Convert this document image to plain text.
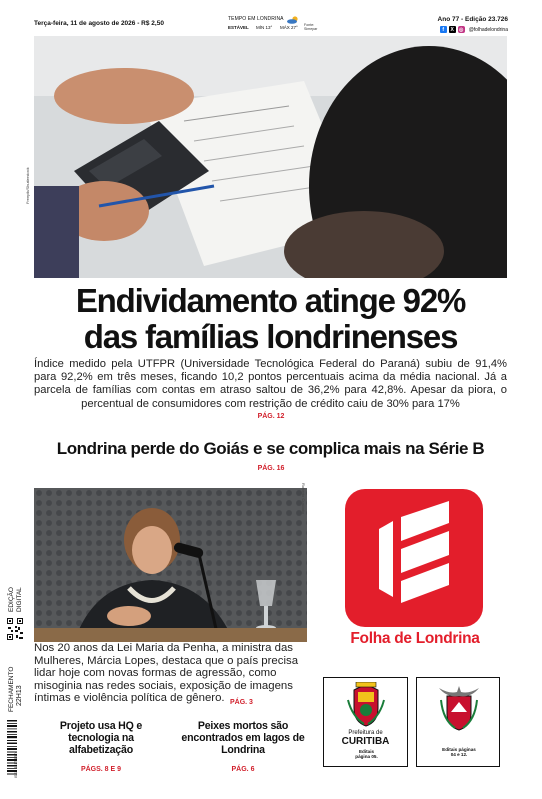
Terça-feira, 11 de agosto de 2026 - R$ 2,50
TEMPO EM LONDRINA
ESTÁVEL MÍN 13° MÁX 27° Fonte: Simepar
Ano 77 - Edição 23.726
f	X	◎ @folhadelondrina
Freepik/Shutterstock
Endividamento atinge 92%
das famílias londrinenses
Índice medido pela UTFPR (Universidade Tecnológica Federal do Paraná) subiu de 91,4% para 92,2% em três meses, ficando 10,2 pontos percentuais acima da média nacional. Já a parcela de famílias com contas em atraso saltou de 36,2% para 42,8%. Apesar da piora, o percentual de consumidores com restrição de crédito caiu de 30% para 17%
PÁG. 12
Londrina perde do Goiás e se complica mais na Série B
PÁG. 16
Roberto Custódio
Nos 20 anos da Lei Maria da Penha, a ministra das Mulheres, Márcia Lopes, destaca que o país precisa lidar hoje com novas formas de agressão, como misoginia nas redes sociais, exposição de imagens íntimas e violência política de gênero. PÁG. 3
EDIÇÃO DIGITAL
FECHAMENTO 22H13
ISSN 1517-1574
Folha de Londrina
Prefeitura de
CURITIBA
Editais página 05.
Editais páginas 04 e 12.
Projeto usa HQ e tecnologia na alfabetização
PÁGS. 8 E 9
Peixes mortos são encontrados em lagos de Londrina
PÁG. 6
